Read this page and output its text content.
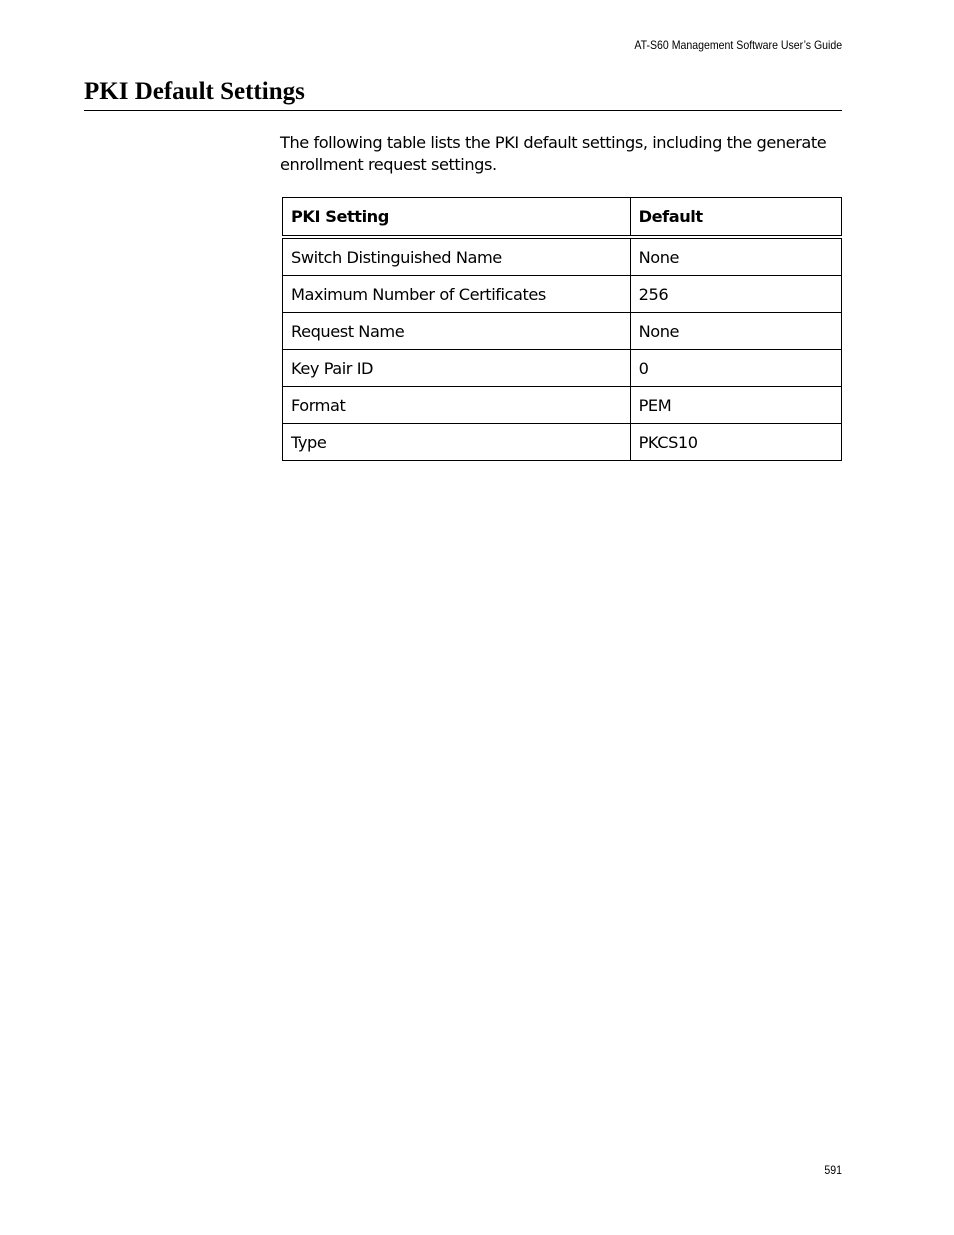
AT-S60 Management Software User’s Guide
PKI Default Settings

The following table lists the PKI default settings, including the generate enrollment request settings.

PKI Setting	Default
Switch Distinguished Name	None
Maximum Number of Certificates	256
Request Name	None
Key Pair ID	0
Format	PEM
Type	PKCS10
591
